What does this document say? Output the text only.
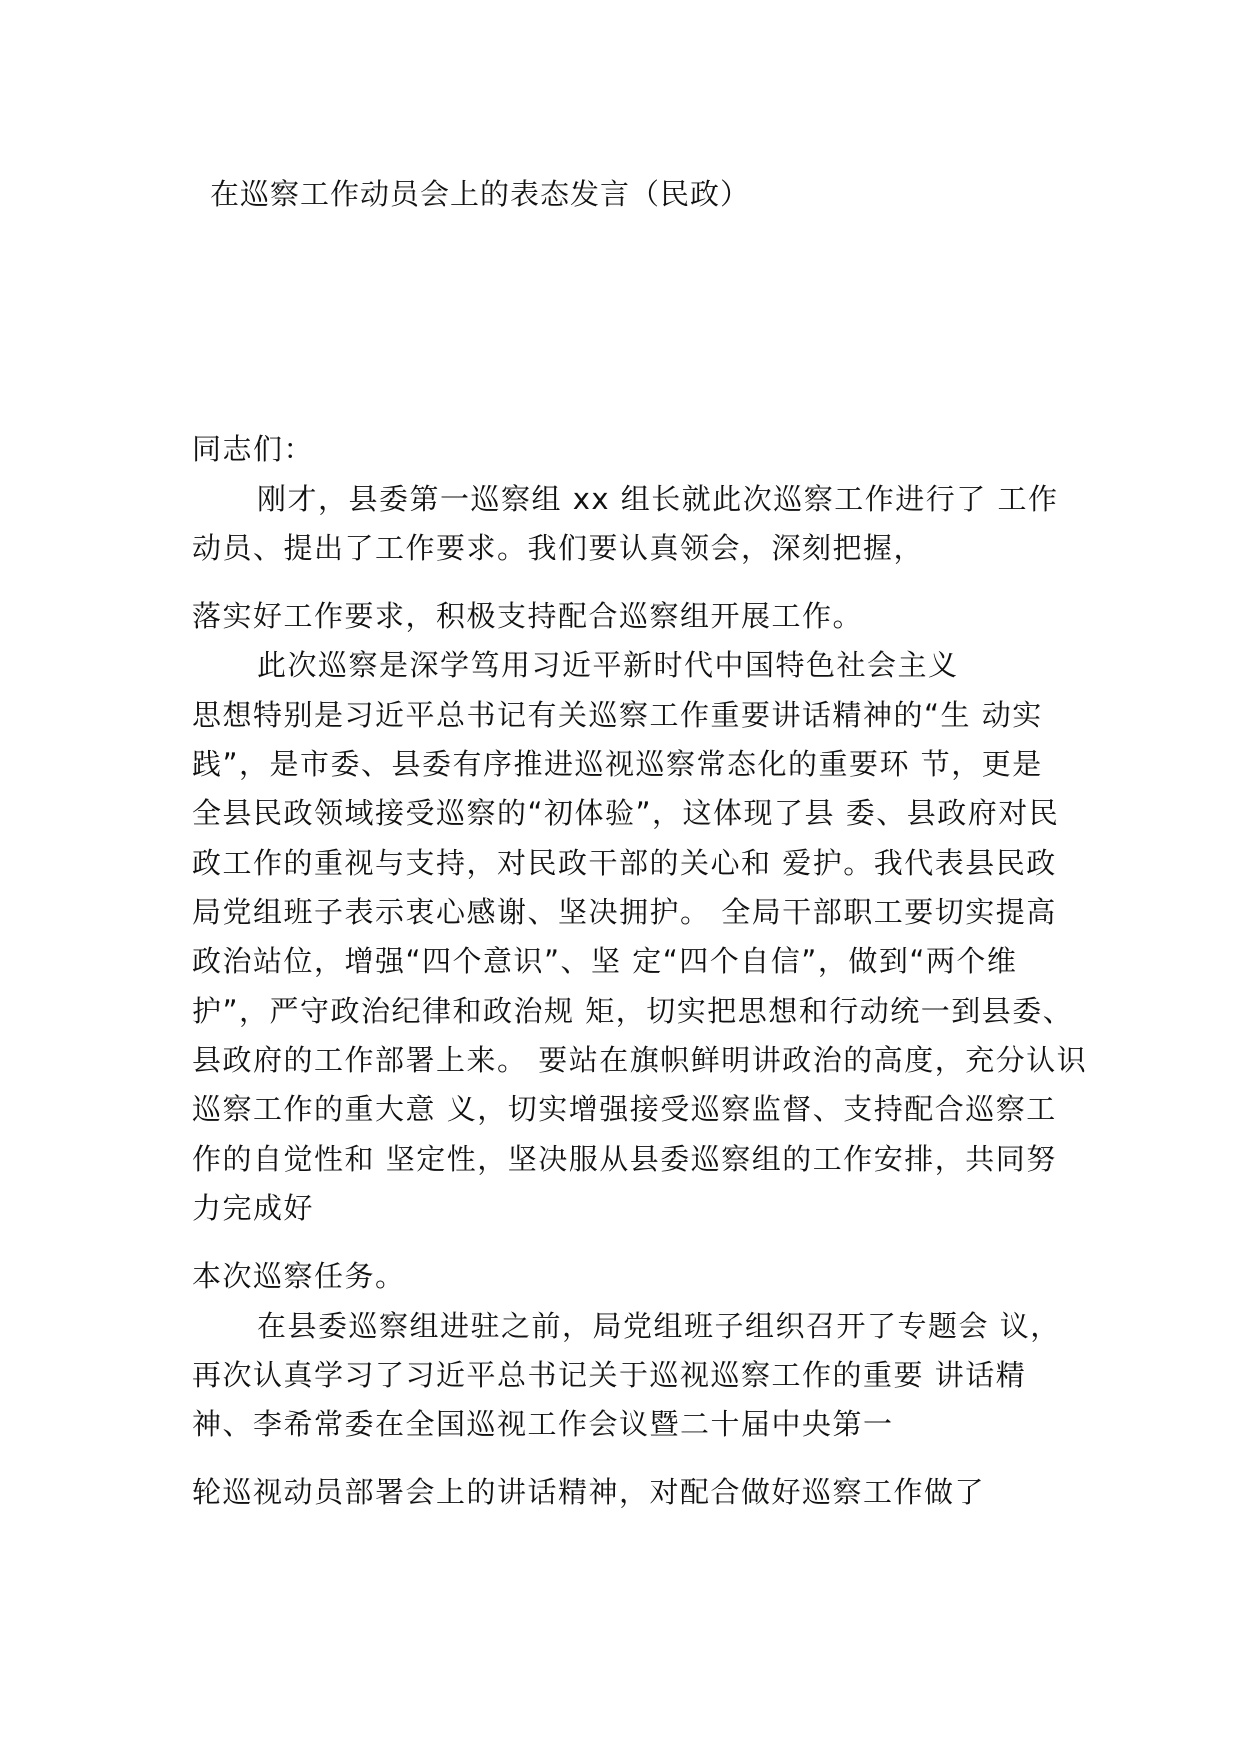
在巡察工作动员会上的表态发言（民政）
同志们：
刚才，县委第一巡察组 xx 组长就此次巡察工作进行了 工作
动员、提出了工作要求。我们要认真领会，深刻把握，
落实好工作要求，积极支持配合巡察组开展工作。
此次巡察是深学笃用习近平新时代中国特色社会主义
思想特别是习近平总书记有关巡察工作重要讲话精神的“生 动实
践”，是市委、县委有序推进巡视巡察常态化的重要环 节，更是
全县民政领域接受巡察的“初体验”，这体现了县 委、县政府对民
政工作的重视与支持，对民政干部的关心和 爱护。我代表县民政
局党组班子表示衷心感谢、坚决拥护。 全局干部职工要切实提高
政治站位，增强“四个意识”、坚 定“四个自信”，做到“两个维
护”，严守政治纪律和政治规 矩，切实把思想和行动统一到县委、
县政府的工作部署上来。 要站在旗帜鲜明讲政治的高度，充分认识
巡察工作的重大意 义，切实增强接受巡察监督、支持配合巡察工
作的自觉性和 坚定性，坚决服从县委巡察组的工作安排，共同努
力完成好
本次巡察任务。
在县委巡察组进驻之前，局党组班子组织召开了专题会 议，
再次认真学习了习近平总书记关于巡视巡察工作的重要 讲话精
神、李希常委在全国巡视工作会议暨二十届中央第一
轮巡视动员部署会上的讲话精神，对配合做好巡察工作做了
